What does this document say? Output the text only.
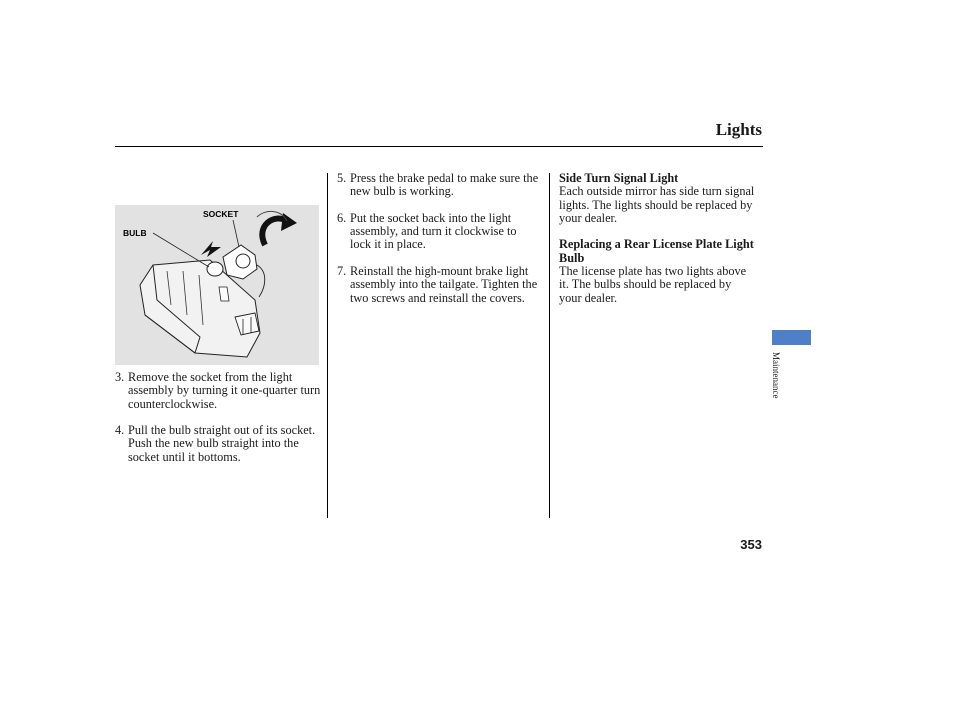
Lights
SOCKET
BULB
3. Remove the socket from the light assembly by turning it one-quarter turn counterclockwise.
4. Pull the bulb straight out of its socket. Push the new bulb straight into the socket until it bottoms.
5. Press the brake pedal to make sure the new bulb is working.
6. Put the socket back into the light assembly, and turn it clockwise to lock it in place.
7. Reinstall the high-mount brake light assembly into the tailgate. Tighten the two screws and reinstall the covers.
Side Turn Signal Light

Each outside mirror has side turn signal lights. The lights should be replaced by your dealer.

Replacing a Rear License Plate Light Bulb

The license plate has two lights above it. The bulbs should be replaced by your dealer.

Maintenance
353
